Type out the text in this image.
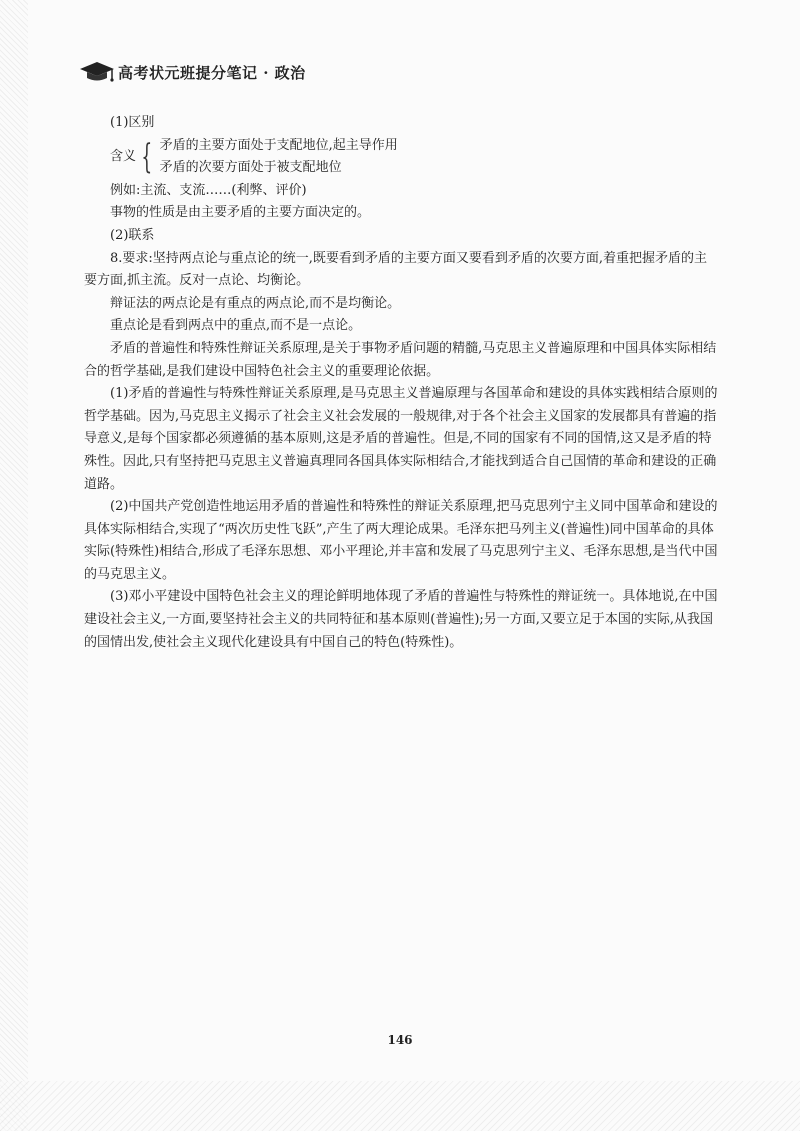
高考状元班提分笔记 · 政治

(1)区别

含义 { 矛盾的主要方面处于支配地位,起主导作用
矛盾的次要方面处于被支配地位

例如:主流、支流……(利弊、评价)

事物的性质是由主要矛盾的主要方面决定的。

(2)联系

8.要求:坚持两点论与重点论的统一,既要看到矛盾的主要方面又要看到矛盾的次要方面,着重把握矛盾的主要方面,抓主流。反对一点论、均衡论。

辩证法的两点论是有重点的两点论,而不是均衡论。

重点论是看到两点中的重点,而不是一点论。

矛盾的普遍性和特殊性辩证关系原理,是关于事物矛盾问题的精髓,马克思主义普遍原理和中国具体实际相结合的哲学基础,是我们建设中国特色社会主义的重要理论依据。

(1)矛盾的普遍性与特殊性辩证关系原理,是马克思主义普遍原理与各国革命和建设的具体实践相结合原则的哲学基础。因为,马克思主义揭示了社会主义社会发展的一般规律,对于各个社会主义国家的发展都具有普遍的指导意义,是每个国家都必须遵循的基本原则,这是矛盾的普遍性。但是,不同的国家有不同的国情,这又是矛盾的特殊性。因此,只有坚持把马克思主义普遍真理同各国具体实际相结合,才能找到适合自己国情的革命和建设的正确道路。

(2)中国共产党创造性地运用矛盾的普遍性和特殊性的辩证关系原理,把马克思列宁主义同中国革命和建设的具体实际相结合,实现了“两次历史性飞跃”,产生了两大理论成果。毛泽东把马列主义(普遍性)同中国革命的具体实际(特殊性)相结合,形成了毛泽东思想、邓小平理论,并丰富和发展了马克思列宁主义、毛泽东思想,是当代中国的马克思主义。

(3)邓小平建设中国特色社会主义的理论鲜明地体现了矛盾的普遍性与特殊性的辩证统一。具体地说,在中国建设社会主义,一方面,要坚持社会主义的共同特征和基本原则(普遍性);另一方面,又要立足于本国的实际,从我国的国情出发,使社会主义现代化建设具有中国自己的特色(特殊性)。

146
